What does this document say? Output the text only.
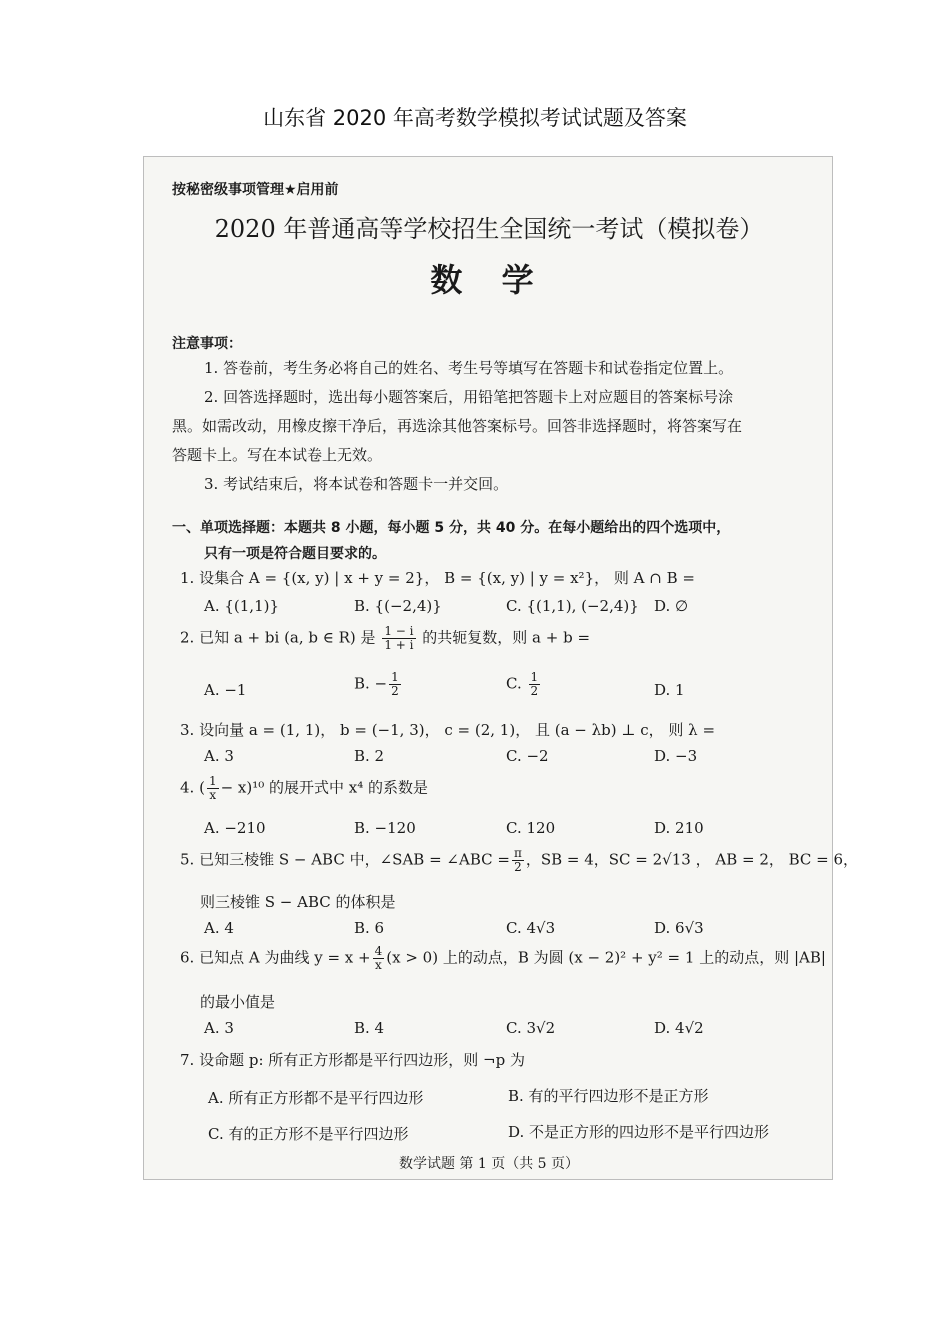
山东省 2020 年高考数学模拟考试试题及答案
按秘密级事项管理★启用前
2020 年普通高等学校招生全国统一考试（模拟卷）
数 学
注意事项：
1. 答卷前，考生务必将自己的姓名、考生号等填写在答题卡和试卷指定位置上。
2. 回答选择题时，选出每小题答案后，用铅笔把答题卡上对应题目的答案标号涂
黑。如需改动，用橡皮擦干净后，再选涂其他答案标号。回答非选择题时，将答案写在
答题卡上。写在本试卷上无效。
3. 考试结束后，将本试卷和答题卡一并交回。
一、单项选择题：本题共 8 小题，每小题 5 分，共 40 分。在每小题给出的四个选项中，
只有一项是符合题目要求的。
1. 设集合 A = {(x, y) | x + y = 2}， B = {(x, y) | y = x²}， 则 A ∩ B =
A. {(1,1)}	B. {(−2,4)}	C. {(1,1), (−2,4)} D. ∅
2. 已知 a + bi (a, b ∈ R) 是 $\frac{1 - i}{1 + i}$ 的共轭复数，则 a + b =
A. −1	B. − $\frac{1}{2}$	C. $\frac{1}{2}$	D. 1
3. 设向量 a = (1, 1)， b = (−1, 3)， c = (2, 1)， 且 (a − λb) ⊥ c， 则 λ =
A. 3	B. 2	C. −2	D. −3
4. ( $\frac{1}{x} - x)^{10}$ 的展开式中 x⁴ 的系数是
A. −210	B. −120	C. 120	D. 210
5. 已知三棱锥 S − ABC 中，∠SAB = ∠ABC = $\frac{\pi}{2}$ ，SB = 4，SC = 2√13 ， AB = 2， BC = 6，
则三棱锥 S − ABC 的体积是
A. 4	B. 6	C. 4√3	D. 6√3
6. 已知点 A 为曲线 $y = x + \frac{4}{x} (x > 0)$ 上的动点，B 为圆 (x − 2)² + y² = 1 上的动点，则 |AB|
的最小值是
A. 3	B. 4	C. 3√2	D. 4√2
7. 设命题 p: 所有正方形都是平行四边形，则 ¬p 为
A. 所有正方形都不是平行四边形	B. 有的平行四边形不是正方形
C. 有的正方形不是平行四边形	D. 不是正方形的四边形不是平行四边形
数学试题 第 1 页（共 5 页）
